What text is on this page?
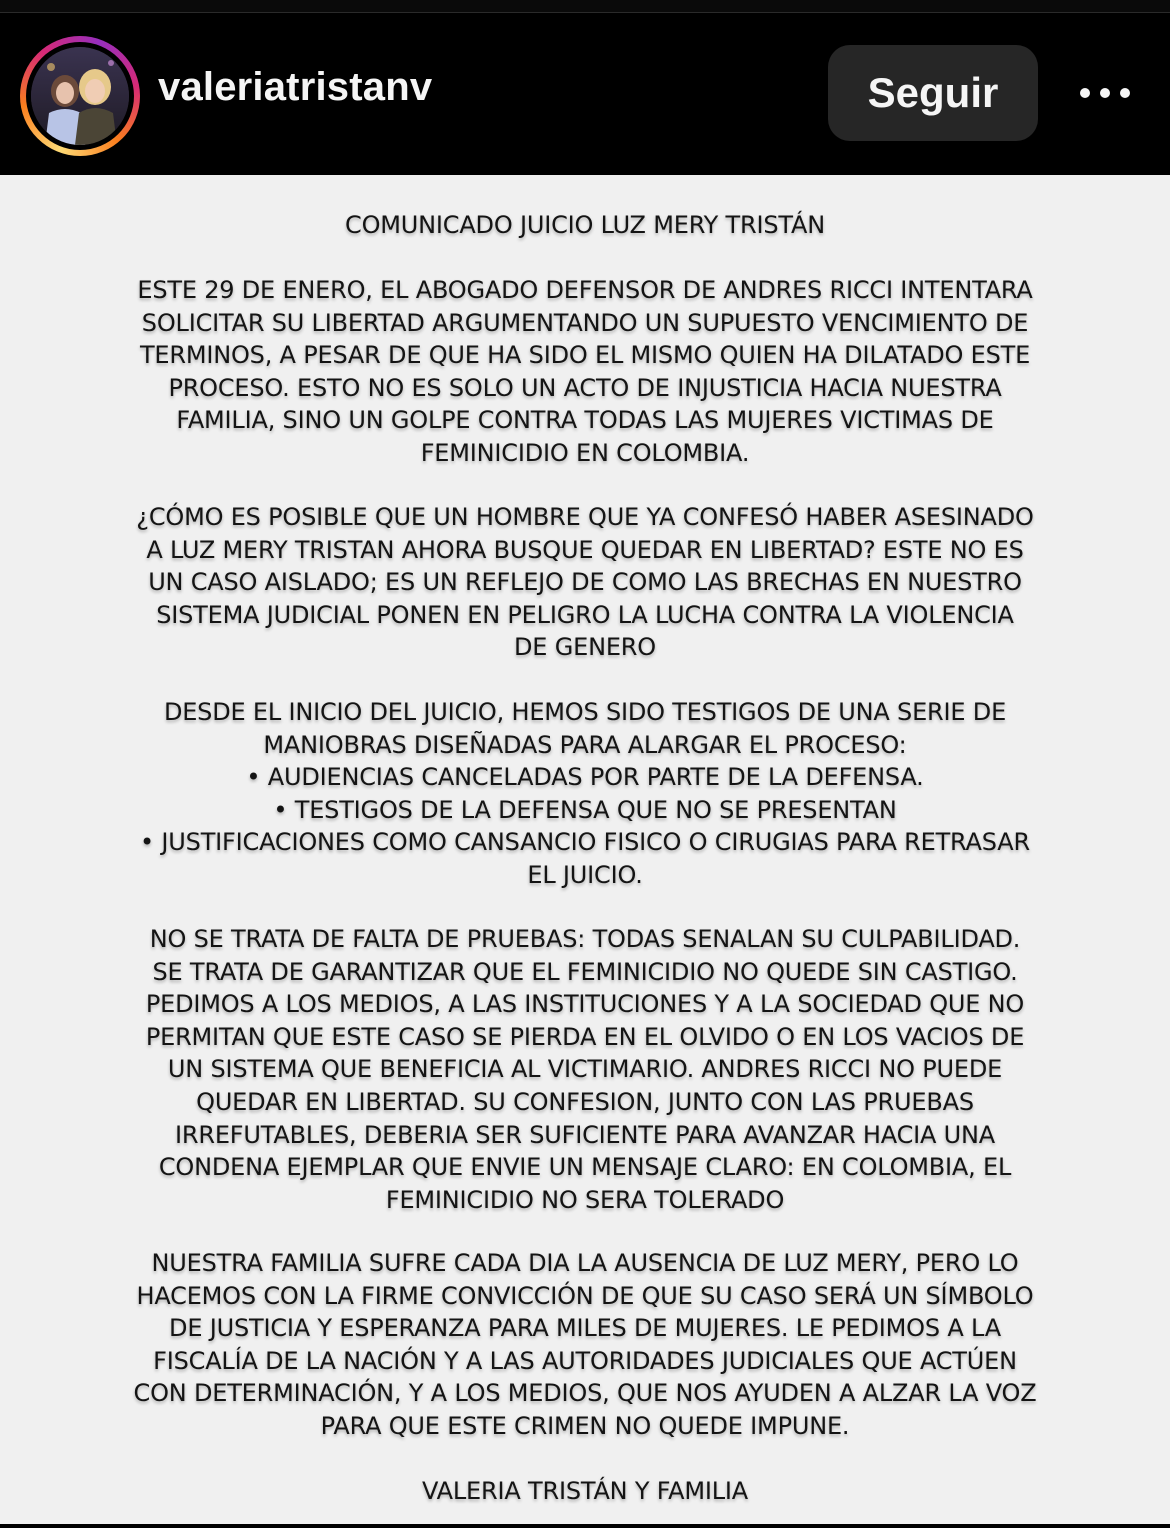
valeriatristanv	Seguir
COMUNICADO JUICIO LUZ MERY TRISTÁN
ESTE 29 DE ENERO, EL ABOGADO DEFENSOR DE ANDRES RICCI INTENTARA
SOLICITAR SU LIBERTAD ARGUMENTANDO UN SUPUESTO VENCIMIENTO DE
TERMINOS, A PESAR DE QUE HA SIDO EL MISMO QUIEN HA DILATADO ESTE
PROCESO. ESTO NO ES SOLO UN ACTO DE INJUSTICIA HACIA NUESTRA
FAMILIA, SINO UN GOLPE CONTRA TODAS LAS MUJERES VICTIMAS DE
FEMINICIDIO EN COLOMBIA.
¿CÓMO ES POSIBLE QUE UN HOMBRE QUE YA CONFESÓ HABER ASESINADO
A LUZ MERY TRISTAN AHORA BUSQUE QUEDAR EN LIBERTAD? ESTE NO ES
UN CASO AISLADO; ES UN REFLEJO DE COMO LAS BRECHAS EN NUESTRO
SISTEMA JUDICIAL PONEN EN PELIGRO LA LUCHA CONTRA LA VIOLENCIA
DE GENERO
DESDE EL INICIO DEL JUICIO, HEMOS SIDO TESTIGOS DE UNA SERIE DE
MANIOBRAS DISEÑADAS PARA ALARGAR EL PROCESO:
• AUDIENCIAS CANCELADAS POR PARTE DE LA DEFENSA.
• TESTIGOS DE LA DEFENSA QUE NO SE PRESENTAN
• JUSTIFICACIONES COMO CANSANCIO FISICO O CIRUGIAS PARA RETRASAR
EL JUICIO.
NO SE TRATA DE FALTA DE PRUEBAS: TODAS SENALAN SU CULPABILIDAD.
SE TRATA DE GARANTIZAR QUE EL FEMINICIDIO NO QUEDE SIN CASTIGO.
PEDIMOS A LOS MEDIOS, A LAS INSTITUCIONES Y A LA SOCIEDAD QUE NO
PERMITAN QUE ESTE CASO SE PIERDA EN EL OLVIDO O EN LOS VACIOS DE
UN SISTEMA QUE BENEFICIA AL VICTIMARIO. ANDRES RICCI NO PUEDE
QUEDAR EN LIBERTAD. SU CONFESION, JUNTO CON LAS PRUEBAS
IRREFUTABLES, DEBERIA SER SUFICIENTE PARA AVANZAR HACIA UNA
CONDENA EJEMPLAR QUE ENVIE UN MENSAJE CLARO: EN COLOMBIA, EL
FEMINICIDIO NO SERA TOLERADO
NUESTRA FAMILIA SUFRE CADA DIA LA AUSENCIA DE LUZ MERY, PERO LO
HACEMOS CON LA FIRME CONVICCIÓN DE QUE SU CASO SERÁ UN SÍMBOLO
DE JUSTICIA Y ESPERANZA PARA MILES DE MUJERES. LE PEDIMOS A LA
FISCALÍA DE LA NACIÓN Y A LAS AUTORIDADES JUDICIALES QUE ACTÚEN
CON DETERMINACIÓN, Y A LOS MEDIOS, QUE NOS AYUDEN A ALZAR LA VOZ
PARA QUE ESTE CRIMEN NO QUEDE IMPUNE.
VALERIA TRISTÁN Y FAMILIA
